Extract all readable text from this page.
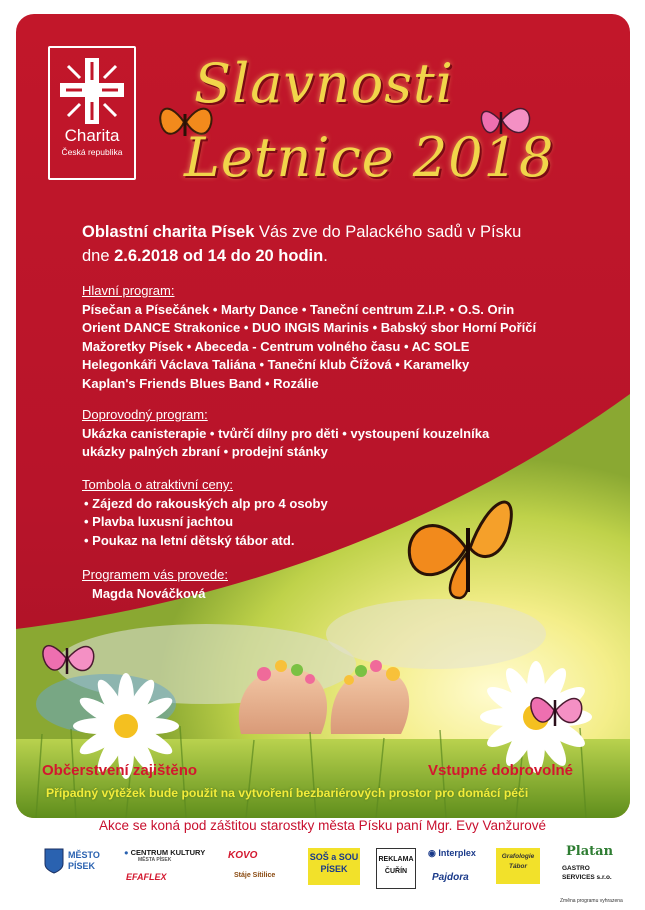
Charita
Česká republika
Slavnosti
Letnice 2018
Oblastní charita Písek Vás zve do Palackého sadů v Písku
dne 2.6.2018 od 14 do 20 hodin.
Hlavní program:
Písečan a Písečánek • Marty Dance • Taneční centrum Z.I.P. • O.S. Orin
Orient DANCE Strakonice • DUO INGIS Marinis • Babský sbor Horní Poříčí
Mažoretky Písek • Abeceda - Centrum volného času • AC SOLE
Helegonkáři Václava Taliána • Taneční klub Čížová • Karamelky
Kaplan's Friends Blues Band • Rozálie
Doprovodný program:
Ukázka canisterapie • tvůrčí dílny pro děti • vystoupení kouzelníka
ukázky palných zbraní • prodejní stánky
Tombola o atraktivní ceny:
• Zájezd do rakouských alp pro 4 osoby
• Plavba luxusní jachtou
• Poukaz na letní dětský tábor atd.
Programem vás provede:
Magda Nováčková
Občerstvení zajištěno	Vstupné dobrovolné
Případný výtěžek bude použit na vytvoření bezbariérových prostor pro domácí péči
Akce se koná pod záštitou starostky města Písku paní Mgr. Evy Vanžurové
MĚSTO
PÍSEK
● CENTRUM KULTURY
MĚSTA PÍSEK
EFAFLEX
KOVO
Stáje Sítilice
SOŠ a SOU
PÍSEK
REKLAMA
ČUŘÍN
◉ Interplex
Pajdora
Grafologie
Tábor
Platan
GASTRO
SERVICES s.r.o.
Změna programu vyhrazena
